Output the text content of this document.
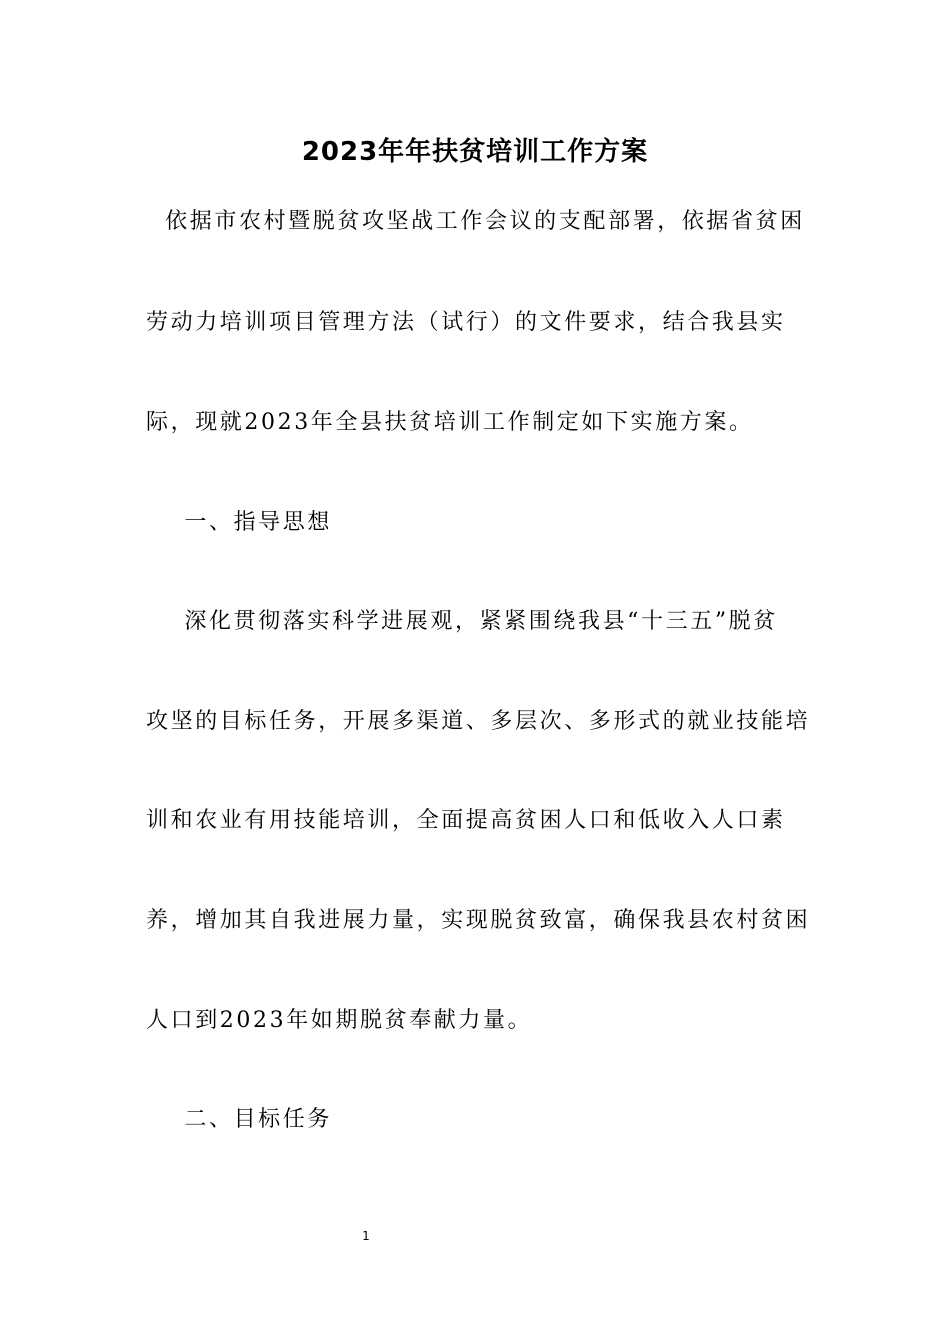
2023年年扶贫培训工作方案
依据市农村暨脱贫攻坚战工作会议的支配部署，依据省贫困
劳动力培训项目管理方法（试行）的文件要求，结合我县实
际，现就2023年全县扶贫培训工作制定如下实施方案。
一、指导思想
深化贯彻落实科学进展观，紧紧围绕我县“十三五”脱贫
攻坚的目标任务，开展多渠道、多层次、多形式的就业技能培
训和农业有用技能培训，全面提高贫困人口和低收入人口素
养，增加其自我进展力量，实现脱贫致富，确保我县农村贫困
人口到2023年如期脱贫奉献力量。
二、目标任务
1
